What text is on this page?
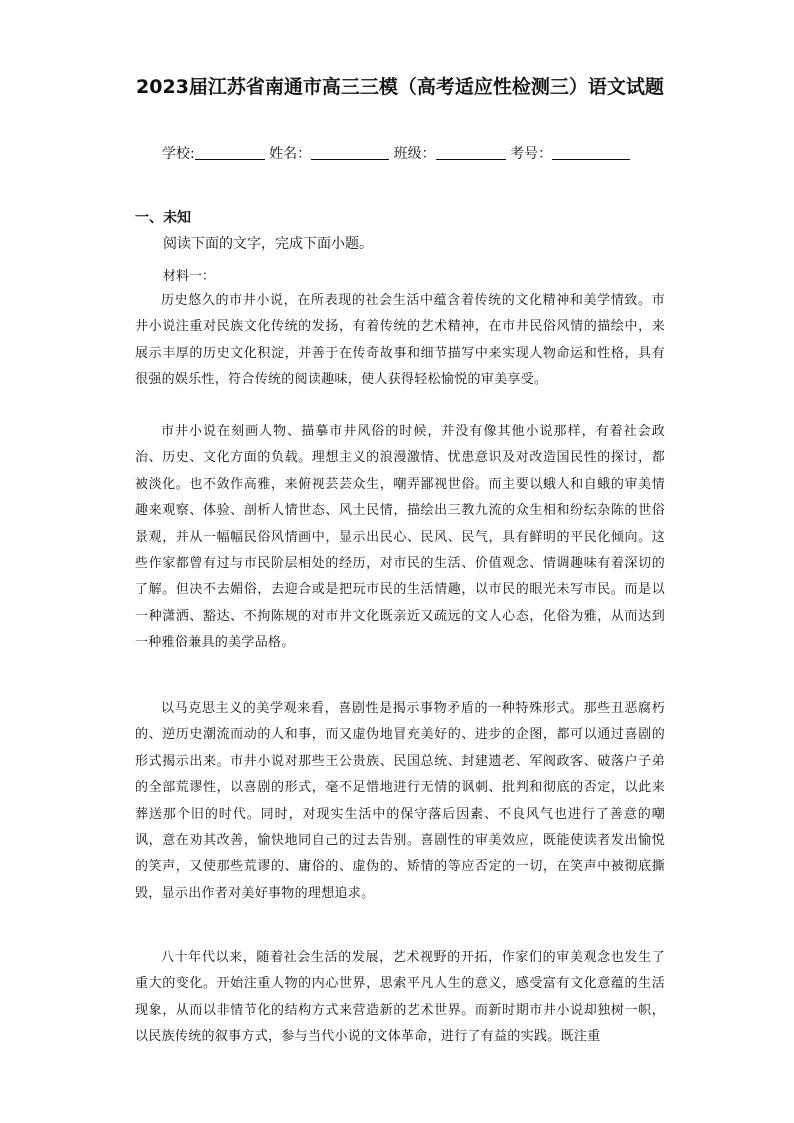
2023届江苏省南通市高三三模（高考适应性检测三）语文试题
学校:	姓名：	班级：	考号：
一、未知
阅读下面的文字，完成下面小题。
材料一：

历史悠久的市井小说，在所表现的社会生活中蕴含着传统的文化精神和美学情致。市井小说注重对民族文化传统的发扬，有着传统的艺术精神，在市井民俗风情的描绘中，来展示丰厚的历史文化积淀，并善于在传奇故事和细节描写中来实现人物命运和性格，具有很强的娱乐性，符合传统的阅读趣味，使人获得轻松愉悦的审美享受。

市井小说在刻画人物、描摹市井风俗的时候，并没有像其他小说那样，有着社会政治、历史、文化方面的负载。理想主义的浪漫激情、忧患意识及对改造国民性的探讨，都被淡化。也不敛作高雅，来俯视芸芸众生，嘲弄鄙视世俗。而主要以蛾人和自蛾的审美情趣来观察、体验、剖析人情世态、风土民情，描绘出三教九流的众生相和纷纭杂陈的世俗景观，并从一幅幅民俗风情画中，显示出民心、民风、民气，具有鲜明的平民化倾向。这些作家都曾有过与市民阶层相处的经历，对市民的生活、价值观念、情调趣味有着深切的了解。但决不去媚俗，去迎合或是把玩市民的生活情趣，以市民的眼光未写市民。而是以一种潇洒、豁达、不拘陈规的对市井文化既亲近又疏远的文人心态，化俗为雅，从而达到一种雅俗兼具的美学品格。

以马克思主义的美学观来看，喜剧性是揭示事物矛盾的一种特殊形式。那些丑恶腐朽的、逆历史潮流而动的人和事，而又虚伪地冒充美好的、进步的企图，都可以通过喜剧的形式揭示出来。市井小说对那些王公贵族、民国总统、封建遗老、军阀政客、破落户子弟的全部荒谬性，以喜剧的形式，毫不足惜地进行无情的讽刺、批判和彻底的否定，以此来葬送那个旧的时代。同时，对现实生活中的保守落后因素、不良风气也进行了善意的嘲讽，意在劝其改善，愉快地同自己的过去告别。喜剧性的审美效应，既能使读者发出愉悦的笑声，又使那些荒谬的、庸俗的、虚伪的、矫情的等应否定的一切，在笑声中被彻底撕毁，显示出作者对美好事物的理想追求。

八十年代以来，随着社会生活的发展，艺术视野的开拓，作家们的审美观念也发生了重大的变化。开始注重人物的内心世界，思索平凡人生的意义，感受富有文化意蕴的生活现象，从而以非情节化的结构方式来营造新的艺术世界。而新时期市井小说却独树一帜，以民族传统的叙事方式，参与当代小说的文体革命，进行了有益的实践。既注重
